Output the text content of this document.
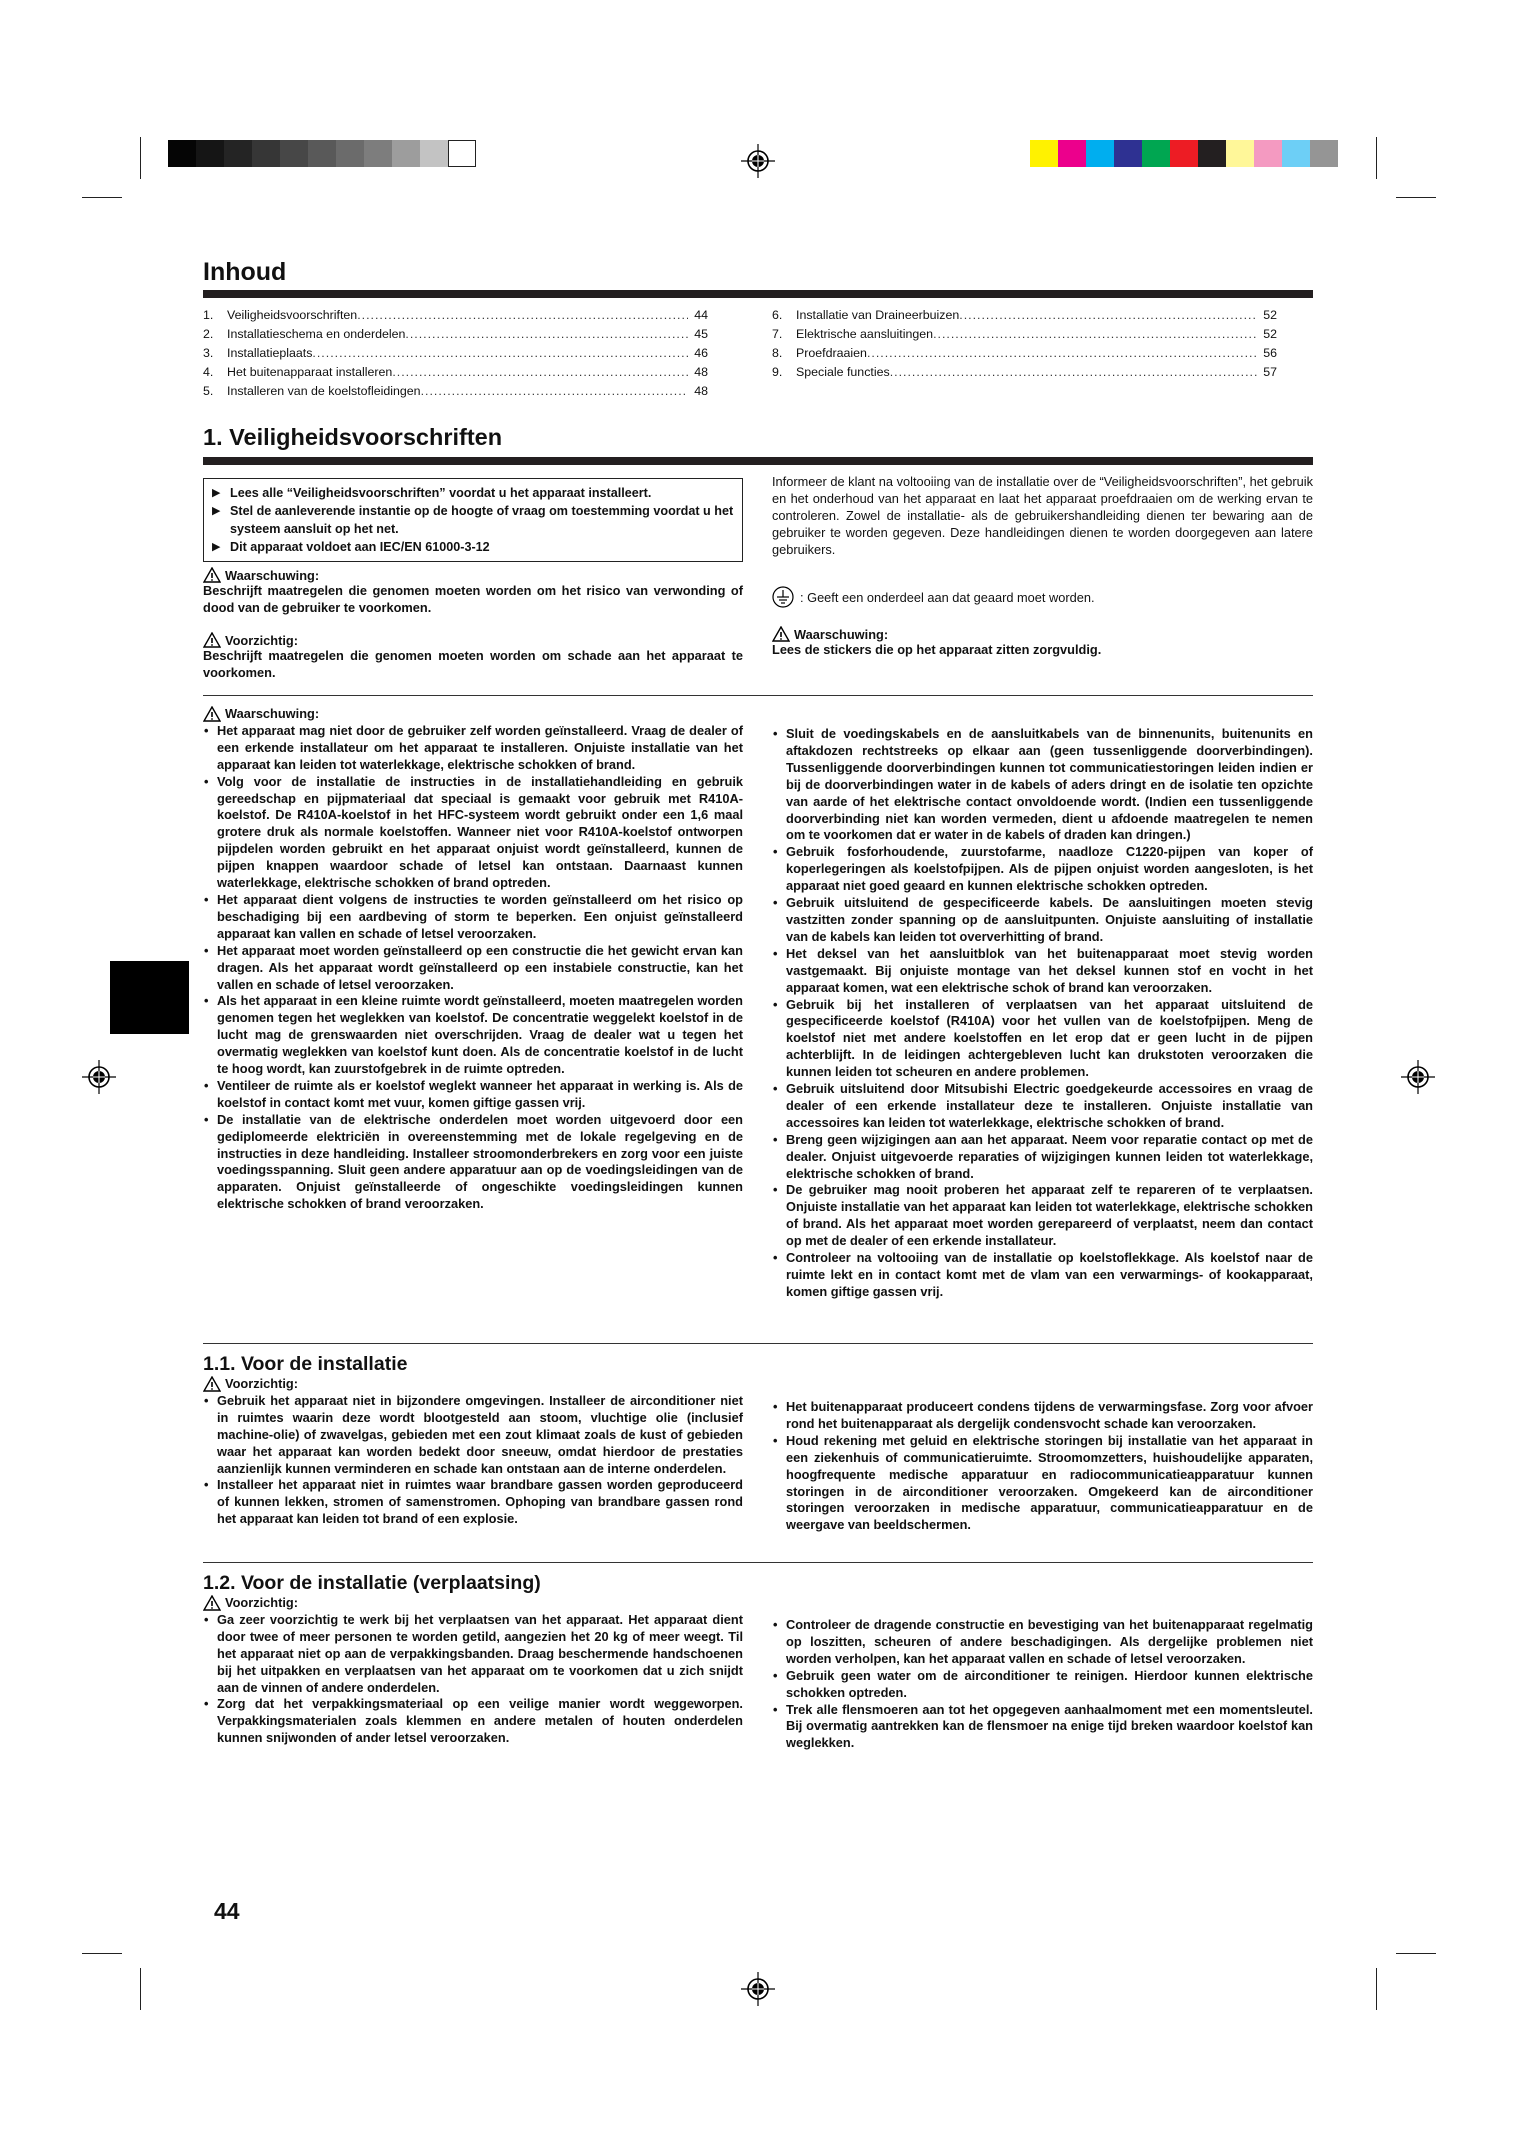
Inhoud
1.	Veiligheidsvoorschriften .....	44
2.	Installatieschema en onderdelen .....	45
3.	Installatieplaats .....	46
4.	Het buitenapparaat installeren .....	48
5.	Installeren van de koelstofleidingen .....	48
6.	Installatie van Draineerbuizen .....	52
7.	Elektrische aansluitingen .....	52
8.	Proefdraaien .....	56
9.	Speciale functies .....	57
1. Veiligheidsvoorschriften
▶ Lees alle “Veiligheidsvoorschriften” voordat u het apparaat installeert.
▶ Stel de aanleverende instantie op de hoogte of vraag om toestemming voordat u het systeem aansluit op het net.
▶ Dit apparaat voldoet aan IEC/EN 61000-3-12
Waarschuwing:
Beschrijft maatregelen die genomen moeten worden om het risico van verwonding of dood van de gebruiker te voorkomen.
Voorzichtig:
Beschrijft maatregelen die genomen moeten worden om schade aan het apparaat te voorkomen.
Informeer de klant na voltooiing van de installatie over de “Veiligheidsvoorschriften”, het gebruik en het onderhoud van het apparaat en laat het apparaat proefdraaien om de werking ervan te controleren. Zowel de installatie- als de gebruikershandleiding dienen ter bewaring aan de gebruiker te worden gegeven. Deze handleidingen dienen te worden doorgegeven aan latere gebruikers.
: Geeft een onderdeel aan dat geaard moet worden.
Waarschuwing:
Lees de stickers die op het apparaat zitten zorgvuldig.
Waarschuwing:
• Het apparaat mag niet door de gebruiker zelf worden geïnstalleerd. Vraag de dealer of een erkende installateur om het apparaat te installeren. Onjuiste installatie van het apparaat kan leiden tot waterlekkage, elektrische schokken of brand.
• Volg voor de installatie de instructies in de installatiehandleiding en gebruik gereedschap en pijpmateriaal dat speciaal is gemaakt voor gebruik met R410A-koelstof. De R410A-koelstof in het HFC-systeem wordt gebruikt onder een 1,6 maal grotere druk als normale koelstoffen. Wanneer niet voor R410A-koelstof ontworpen pijpdelen worden gebruikt en het apparaat onjuist wordt geïnstalleerd, kunnen de pijpen knappen waardoor schade of letsel kan ontstaan. Daarnaast kunnen waterlekkage, elektrische schokken of brand optreden.
• Het apparaat dient volgens de instructies te worden geïnstalleerd om het risico op beschadiging bij een aardbeving of storm te beperken. Een onjuist geïnstalleerd apparaat kan vallen en schade of letsel veroorzaken.
• Het apparaat moet worden geïnstalleerd op een constructie die het gewicht ervan kan dragen. Als het apparaat wordt geïnstalleerd op een instabiele constructie, kan het vallen en schade of letsel veroorzaken.
• Als het apparaat in een kleine ruimte wordt geïnstalleerd, moeten maatregelen worden genomen tegen het weglekken van koelstof. De concentratie weggelekt koelstof in de lucht mag de grenswaarden niet overschrijden. Vraag de dealer wat u tegen het overmatig weglekken van koelstof kunt doen. Als de concentratie koelstof in de lucht te hoog wordt, kan zuurstofgebrek in de ruimte optreden.
• Ventileer de ruimte als er koelstof weglekt wanneer het apparaat in werking is. Als de koelstof in contact komt met vuur, komen giftige gassen vrij.
• De installatie van de elektrische onderdelen moet worden uitgevoerd door een gediplomeerde elektriciën in overeenstemming met de lokale regelgeving en de instructies in deze handleiding. Installeer stroomonderbrekers en zorg voor een juiste voedingsspanning. Sluit geen andere apparatuur aan op de voedingsleidingen van de apparaten. Onjuist geïnstalleerde of ongeschikte voedingsleidingen kunnen elektrische schokken of brand veroorzaken.
• Sluit de voedingskabels en de aansluitkabels van de binnenunits, buitenunits en aftakdozen rechtstreeks op elkaar aan (geen tussenliggende doorverbindingen). Tussenliggende doorverbindingen kunnen tot communicatiestoringen leiden indien er bij de doorverbindingen water in de kabels of aders dringt en de isolatie ten opzichte van aarde of het elektrische contact onvoldoende wordt. (Indien een tussenliggende doorverbinding niet kan worden vermeden, dient u afdoende maatregelen te nemen om te voorkomen dat er water in de kabels of draden kan dringen.)
• Gebruik fosforhoudende, zuurstofarme, naadloze C1220-pijpen van koper of koperlegeringen als koelstofpijpen. Als de pijpen onjuist worden aangesloten, is het apparaat niet goed geaard en kunnen elektrische schokken optreden.
• Gebruik uitsluitend de gespecificeerde kabels. De aansluitingen moeten stevig vastzitten zonder spanning op de aansluitpunten. Onjuiste aansluiting of installatie van de kabels kan leiden tot oververhitting of brand.
• Het deksel van het aansluitblok van het buitenapparaat moet stevig worden vastgemaakt. Bij onjuiste montage van het deksel kunnen stof en vocht in het apparaat komen, wat een elektrische schok of brand kan veroorzaken.
• Gebruik bij het installeren of verplaatsen van het apparaat uitsluitend de gespecificeerde koelstof (R410A) voor het vullen van de koelstofpijpen. Meng de koelstof niet met andere koelstoffen en let erop dat er geen lucht in de pijpen achterblijft. In de leidingen achtergebleven lucht kan drukstoten veroorzaken die kunnen leiden tot scheuren en andere problemen.
• Gebruik uitsluitend door Mitsubishi Electric goedgekeurde accessoires en vraag de dealer of een erkende installateur deze te installeren. Onjuiste installatie van accessoires kan leiden tot waterlekkage, elektrische schokken of brand.
• Breng geen wijzigingen aan aan het apparaat. Neem voor reparatie contact op met de dealer. Onjuist uitgevoerde reparaties of wijzigingen kunnen leiden tot waterlekkage, elektrische schokken of brand.
• De gebruiker mag nooit proberen het apparaat zelf te repareren of te verplaatsen. Onjuiste installatie van het apparaat kan leiden tot waterlekkage, elektrische schokken of brand. Als het apparaat moet worden gerepareerd of verplaatst, neem dan contact op met de dealer of een erkende installateur.
• Controleer na voltooiing van de installatie op koelstoflekkage. Als koelstof naar de ruimte lekt en in contact komt met de vlam van een verwarmings- of kookapparaat, komen giftige gassen vrij.
1.1. Voor de installatie
Voorzichtig:
• Gebruik het apparaat niet in bijzondere omgevingen. Installeer de airconditioner niet in ruimtes waarin deze wordt blootgesteld aan stoom, vluchtige olie (inclusief machine-olie) of zwavelgas, gebieden met een zout klimaat zoals de kust of gebieden waar het apparaat kan worden bedekt door sneeuw, omdat hierdoor de prestaties aanzienlijk kunnen verminderen en schade kan ontstaan aan de interne onderdelen.
• Installeer het apparaat niet in ruimtes waar brandbare gassen worden geproduceerd of kunnen lekken, stromen of samenstromen. Ophoping van brandbare gassen rond het apparaat kan leiden tot brand of een explosie.
• Het buitenapparaat produceert condens tijdens de verwarmingsfase. Zorg voor afvoer rond het buitenapparaat als dergelijk condensvocht schade kan veroorzaken.
• Houd rekening met geluid en elektrische storingen bij installatie van het apparaat in een ziekenhuis of communicatieruimte. Stroomomzetters, huishoudelijke apparaten, hoogfrequente medische apparatuur en radiocommunicatieapparatuur kunnen storingen in de airconditioner veroorzaken. Omgekeerd kan de airconditioner storingen veroorzaken in medische apparatuur, communicatieapparatuur en de weergave van beeldschermen.
1.2. Voor de installatie (verplaatsing)
Voorzichtig:
• Ga zeer voorzichtig te werk bij het verplaatsen van het apparaat. Het apparaat dient door twee of meer personen te worden getild, aangezien het 20 kg of meer weegt. Til het apparaat niet op aan de verpakkingsbanden. Draag beschermende handschoenen bij het uitpakken en verplaatsen van het apparaat om te voorkomen dat u zich snijdt aan de vinnen of andere onderdelen.
• Zorg dat het verpakkingsmateriaal op een veilige manier wordt weggeworpen. Verpakkingsmaterialen zoals klemmen en andere metalen of houten onderdelen kunnen snijwonden of ander letsel veroorzaken.
• Controleer de dragende constructie en bevestiging van het buitenapparaat regelmatig op loszitten, scheuren of andere beschadigingen. Als dergelijke problemen niet worden verholpen, kan het apparaat vallen en schade of letsel veroorzaken.
• Gebruik geen water om de airconditioner te reinigen. Hierdoor kunnen elektrische schokken optreden.
• Trek alle flensmoeren aan tot het opgegeven aanhaalmoment met een momentsleutel. Bij overmatig aantrekken kan de flensmoer na enige tijd breken waardoor koelstof kan weglekken.
44
